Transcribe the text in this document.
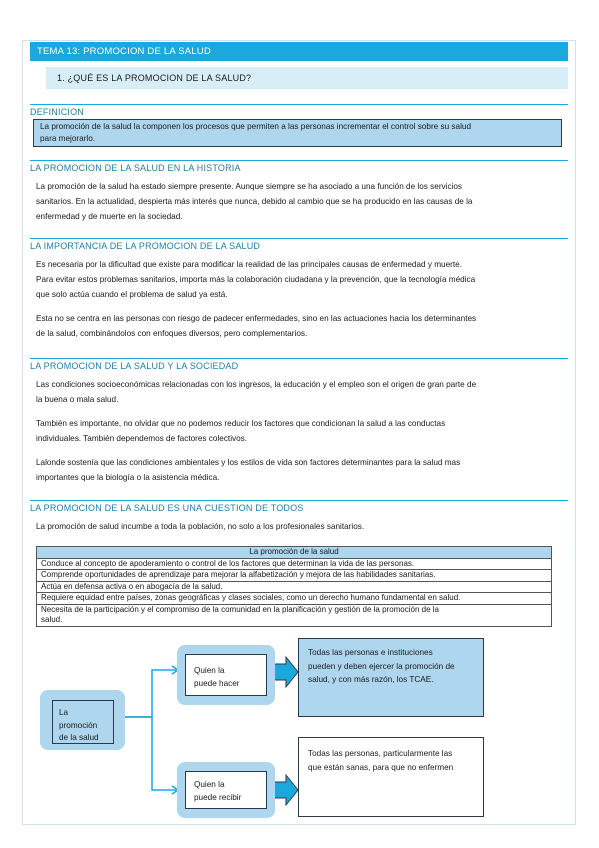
TEMA 13: PROMOCION DE LA SALUD
1. ¿QUÉ ES LA PROMOCION DE LA SALUD?
DEFINICION
La promoción de la salud la componen los procesos que permiten a las personas incrementar el control sobre su salud
para mejorarlo.
LA PROMOCION DE LA SALUD EN LA HISTORIA
La promoción de la salud ha estado siempre presente. Aunque siempre se ha asociado a una función de los servicios
sanitarios. En la actualidad, despierta más interés que nunca, debido al cambio que se ha producido en las causas de la
enfermedad y de muerte en la sociedad.
LA IMPORTANCIA DE LA PROMOCION DE LA SALUD
Es necesaria por la dificultad que existe para modificar la realidad de las principales causas de enfermedad y muerte.
Para evitar estos problemas sanitarios, importa más la colaboración ciudadana y la prevención, que la tecnología médica
que solo actúa cuando el problema de salud ya está.
Esta no se centra en las personas con riesgo de padecer enfermedades, sino en las actuaciones hacia los determinantes
de la salud, combinándolos con enfoques diversos, pero complementarios.
LA PROMOCION DE LA SALUD Y LA SOCIEDAD
Las condiciones socioeconómicas relacionadas con los ingresos, la educación y el empleo son el origen de gran parte de
la buena o mala salud.
También es importante, no olvidar que no podemos reducir los factores que condicionan la salud a las conductas
individuales. También dependemos de factores colectivos.
Lalonde sostenía que las condiciones ambientales y los estilos de vida son factores determinantes para la salud mas
importantes que la biología o la asistencia médica.
LA PROMOCION DE LA SALUD ES UNA CUESTION DE TODOS
La promoción de salud incumbe a toda la población, no solo a los profesionales sanitarios.
La promoción de la salud
Conduce al concepto de apoderamiento o control de los factores que determinan la vida de las personas.
Comprende oportunidades de aprendizaje para mejorar la alfabetización y mejora de las habilidades sanitarias.
Actúa en defensa activa o en abogacía de la salud.
Requiere equidad entre países, zonas geográficas y clases sociales, como un derecho humano fundamental en salud.

Necesita de la participación y el compromiso de la comunidad en la planificación y gestión de la promoción de la
salud.
La
promoción
de la salud
Quien la
puede hacer
Quien la
puede recibir
Todas las personas e instituciones
pueden y deben ejercer la promoción de
salud, y con más razón, los TCAE.
Todas las personas, particularmente las
que están sanas, para que no enfermen
